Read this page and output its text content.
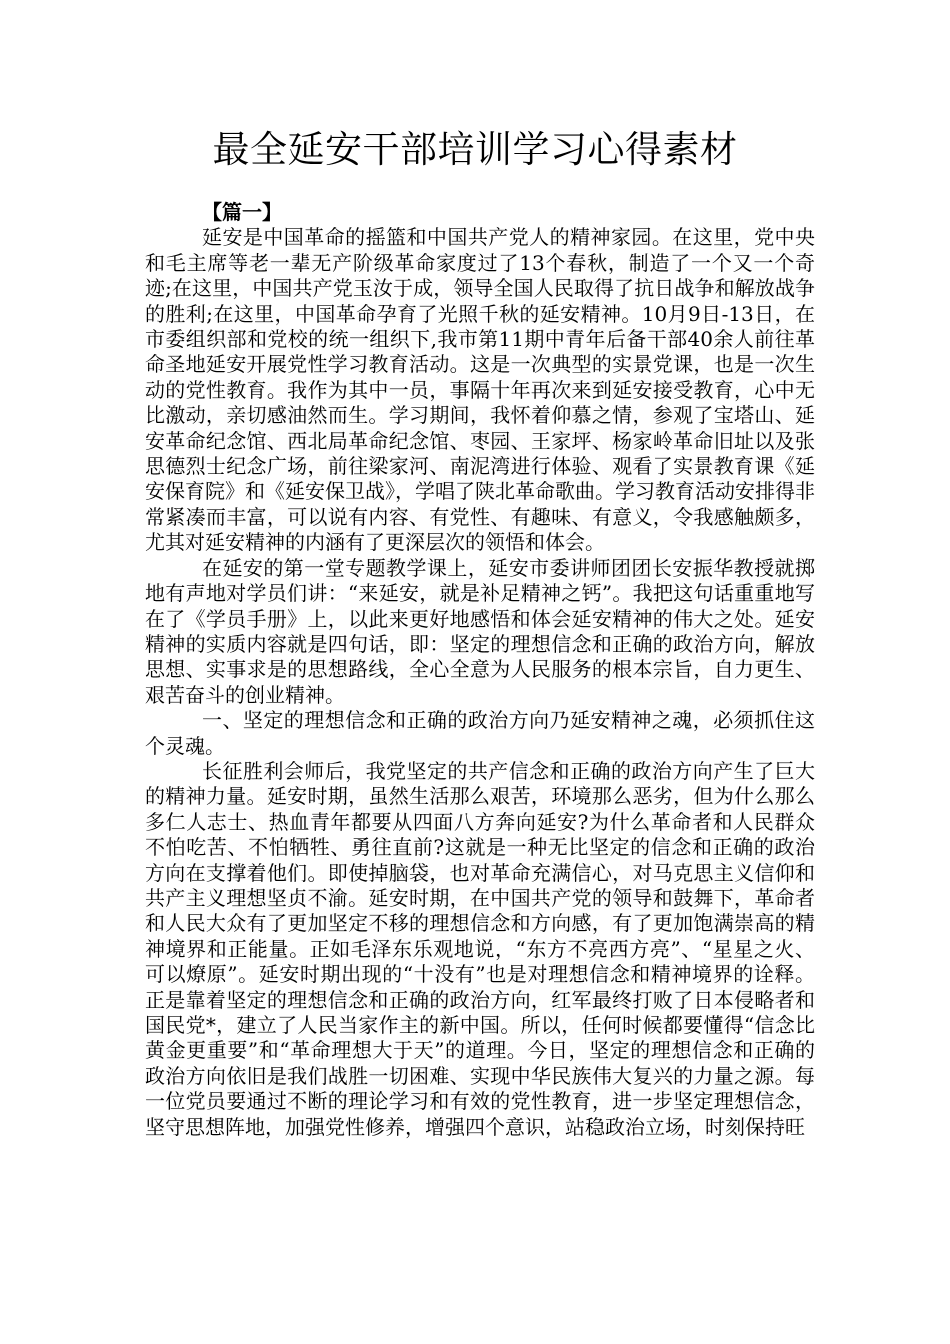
最全延安干部培训学习心得素材

【篇一】

延安是中国革命的摇篮和中国共产党人的精神家园。在这里，党中央和毛主席等老一辈无产阶级革命家度过了13个春秋，制造了一个又一个奇迹;在这里，中国共产党玉汝于成，领导全国人民取得了抗日战争和解放战争的胜利;在这里，中国革命孕育了光照千秋的延安精神。10月9日-13日，在市委组织部和党校的统一组织下,我市第11期中青年后备干部40余人前往革命圣地延安开展党性学习教育活动。这是一次典型的实景党课，也是一次生动的党性教育。我作为其中一员，事隔十年再次来到延安接受教育，心中无比激动，亲切感油然而生。学习期间，我怀着仰慕之情，参观了宝塔山、延安革命纪念馆、西北局革命纪念馆、枣园、王家坪、杨家岭革命旧址以及张思德烈士纪念广场，前往梁家河、南泥湾进行体验、观看了实景教育课《延安保育院》和《延安保卫战》，学唱了陕北革命歌曲。学习教育活动安排得非常紧凑而丰富，可以说有内容、有党性、有趣味、有意义，令我感触颇多，尤其对延安精神的内涵有了更深层次的领悟和体会。

在延安的第一堂专题教学课上，延安市委讲师团团长安振华教授就掷地有声地对学员们讲：“来延安，就是补足精神之钙”。我把这句话重重地写在了《学员手册》上，以此来更好地感悟和体会延安精神的伟大之处。延安精神的实质内容就是四句话，即：坚定的理想信念和正确的政治方向，解放思想、实事求是的思想路线，全心全意为人民服务的根本宗旨，自力更生、艰苦奋斗的创业精神。

一、坚定的理想信念和正确的政治方向乃延安精神之魂，必须抓住这个灵魂。

长征胜利会师后，我党坚定的共产信念和正确的政治方向产生了巨大的精神力量。延安时期，虽然生活那么艰苦，环境那么恶劣，但为什么那么多仁人志士、热血青年都要从四面八方奔向延安?为什么革命者和人民群众不怕吃苦、不怕牺牲、勇往直前?这就是一种无比坚定的信念和正确的政治方向在支撑着他们。即使掉脑袋，也对革命充满信心，对马克思主义信仰和共产主义理想坚贞不渝。延安时期，在中国共产党的领导和鼓舞下，革命者和人民大众有了更加坚定不移的理想信念和方向感，有了更加饱满崇高的精神境界和正能量。正如毛泽东乐观地说，“东方不亮西方亮”、“星星之火、可以燎原”。延安时期出现的“十没有”也是对理想信念和精神境界的诠释。正是靠着坚定的理想信念和正确的政治方向，红军最终打败了日本侵略者和国民党*，建立了人民当家作主的新中国。所以，任何时候都要懂得“信念比黄金更重要”和“革命理想大于天”的道理。今日，坚定的理想信念和正确的政治方向依旧是我们战胜一切困难、实现中华民族伟大复兴的力量之源。每一位党员要通过不断的理论学习和有效的党性教育，进一步坚定理想信念，坚守思想阵地，加强党性修养，增强四个意识，站稳政治立场，时刻保持旺
